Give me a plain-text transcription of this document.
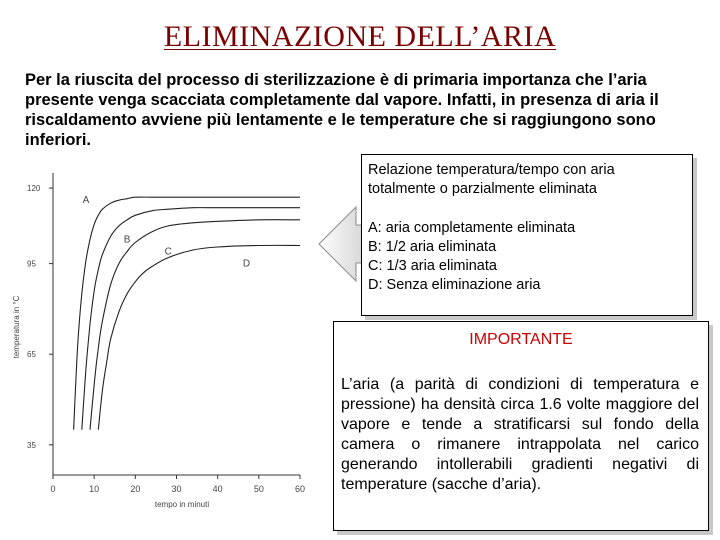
ELIMINAZIONE DELL’ARIA
Per la riuscita del processo di sterilizzazione è di primaria importanza che l’aria presente venga scacciata completamente dal vapore. Infatti, in presenza di aria il riscaldamento avviene più lentamente e le temperature che si raggiungono sono inferiori.
35
65
95
120
0	10	20	30	40	50	60
A
B
C
D
temperatura in °C
tempo in minuti
Relazione temperatura/tempo con aria totalmente o parzialmente eliminata
A: aria completamente eliminata
B: 1/2 aria eliminata
C: 1/3 aria eliminata
D: Senza eliminazione aria
IMPORTANTE
L’aria (a parità di condizioni di temperatura e pressione) ha densità circa 1.6 volte maggiore del vapore e tende a stratificarsi sul fondo della camera o rimanere intrappolata nel carico generando intollerabili gradienti negativi di temperature (sacche d’aria).
